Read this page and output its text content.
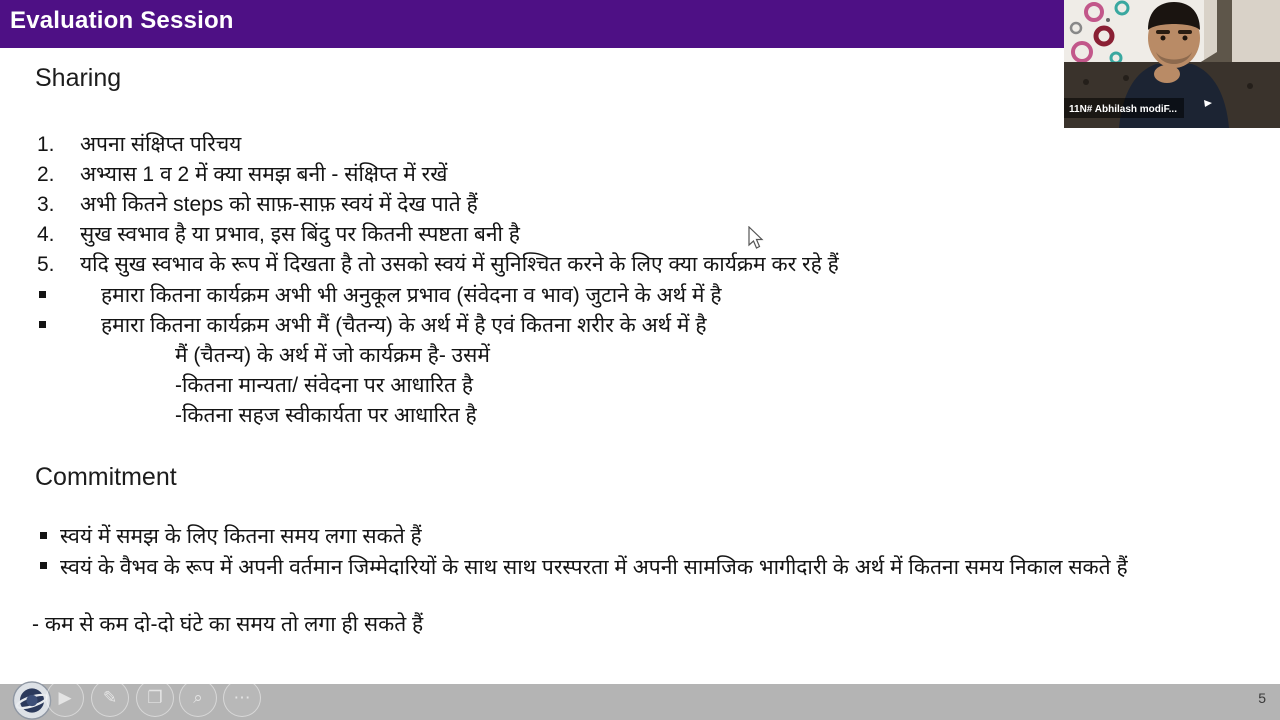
Evaluation Session
Sharing
1. अपना संक्षिप्त परिचय
2. अभ्यास 1 व 2 में क्या समझ बनी - संक्षिप्त में रखें
3. अभी कितने steps को साफ़-साफ़ स्वयं में देख पाते हैं
4. सुख स्वभाव है या प्रभाव, इस बिंदु पर कितनी स्पष्टता बनी है
5. यदि सुख स्वभाव के रूप में दिखता है तो उसको स्वयं में सुनिश्चित करने के लिए क्या कार्यक्रम कर रहे हैं
हमारा कितना कार्यक्रम अभी भी अनुकूल प्रभाव (संवेदना व भाव) जुटाने के अर्थ में है
हमारा कितना कार्यक्रम अभी मैं (चैतन्य) के अर्थ में है एवं कितना शरीर के अर्थ में है
मैं (चैतन्य) के अर्थ में जो कार्यक्रम है- उसमें
-कितना मान्यता/ संवेदना पर आधारित है
-कितना सहज स्वीकार्यता पर आधारित है
Commitment
स्वयं में समझ के लिए कितना समय लगा सकते हैं
स्वयं के वैभव के रूप में अपनी वर्तमान जिम्मेदारियों के साथ साथ परस्परता में अपनी सामजिक भागीदारी के अर्थ में कितना समय निकाल सकते हैं
- कम से कम दो-दो घंटे का समय तो लगा ही सकते हैं
11N# Abhilash modiF...
▶	✎	❐	⌕	⋯	5
